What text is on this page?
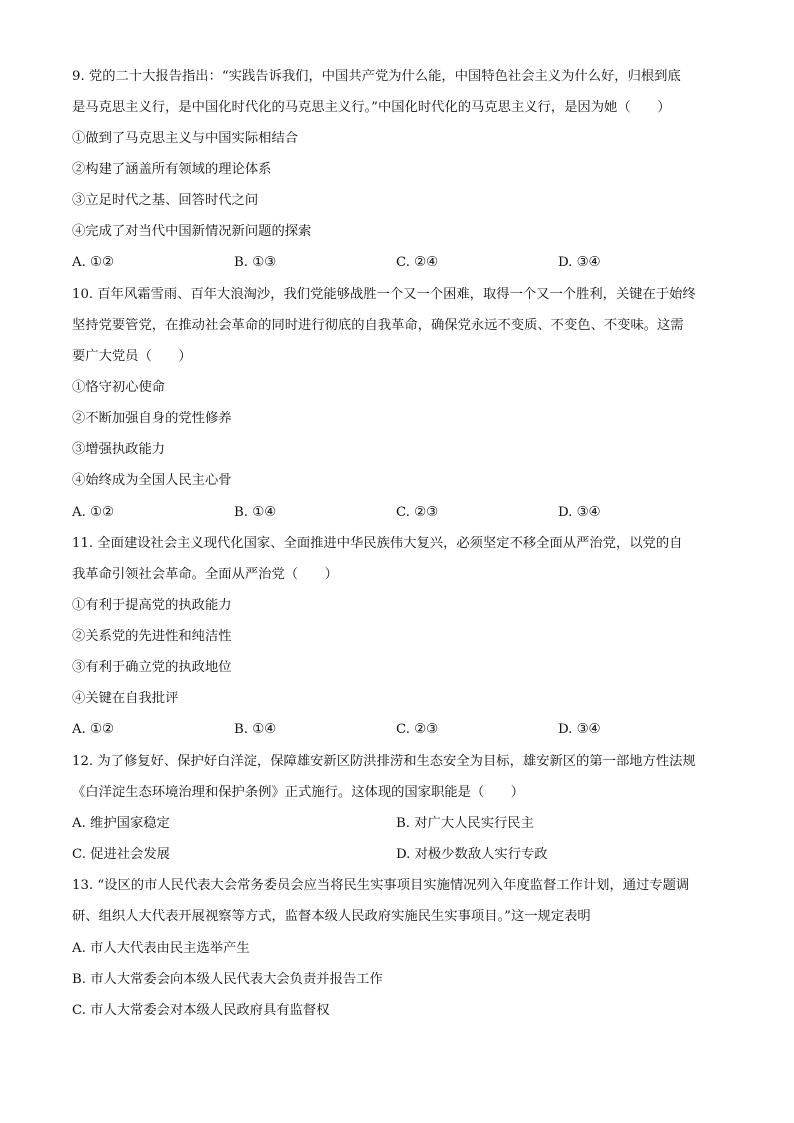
9. 党的二十大报告指出：“实践告诉我们，中国共产党为什么能，中国特色社会主义为什么好，归根到底
是马克思主义行，是中国化时代化的马克思主义行。”中国化时代化的马克思主义行，是因为她（　　）
①做到了马克思主义与中国实际相结合
②构建了涵盖所有领域的理论体系
③立足时代之基、回答时代之问
④完成了对当代中国新情况新问题的探索
A. ①②	B. ①③	C. ②④	D. ③④
10. 百年风霜雪雨、百年大浪淘沙，我们党能够战胜一个又一个困难，取得一个又一个胜利，关键在于始终
坚持党要管党，在推动社会革命的同时进行彻底的自我革命，确保党永远不变质、不变色、不变味。这需
要广大党员（　　）
①恪守初心使命
②不断加强自身的党性修养
③增强执政能力
④始终成为全国人民主心骨
A. ①②	B. ①④	C. ②③	D. ③④
11. 全面建设社会主义现代化国家、全面推进中华民族伟大复兴，必须坚定不移全面从严治党，以党的自
我革命引领社会革命。全面从严治党（　　）
①有利于提高党的执政能力
②关系党的先进性和纯洁性
③有利于确立党的执政地位
④关键在自我批评
A. ①②	B. ①④	C. ②③	D. ③④
12. 为了修复好、保护好白洋淀，保障雄安新区防洪排涝和生态安全为目标，雄安新区的第一部地方性法规
《白洋淀生态环境治理和保护条例》正式施行。这体现的国家职能是（　　）
A. 维护国家稳定	B. 对广大人民实行民主
C. 促进社会发展	D. 对极少数敌人实行专政
13. “设区的市人民代表大会常务委员会应当将民生实事项目实施情况列入年度监督工作计划，通过专题调
研、组织人大代表开展视察等方式，监督本级人民政府实施民生实事项目。”这一规定表明
A. 市人大代表由民主选举产生
B. 市人大常委会向本级人民代表大会负责并报告工作
C. 市人大常委会对本级人民政府具有监督权
